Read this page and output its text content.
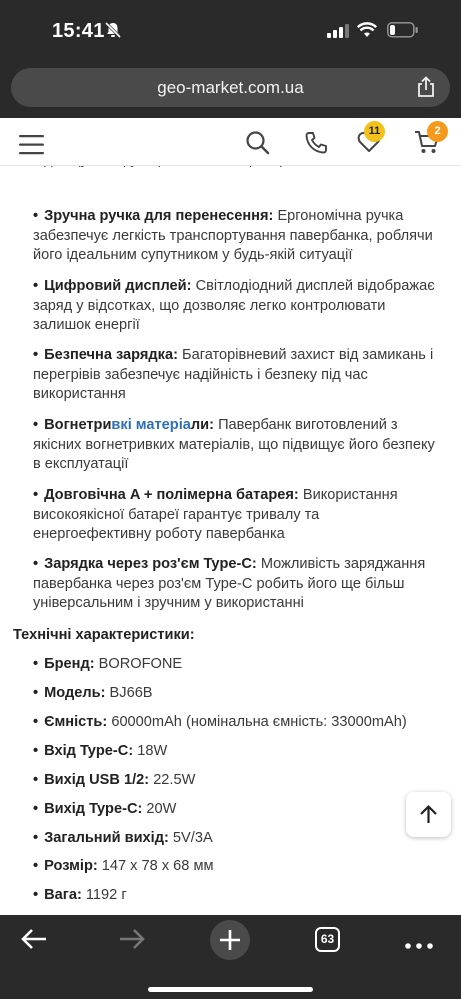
15:41
geo-market.com.ua
• Зручна ручка для перенесення: Ергономічна ручка забезпечує легкість транспортування павербанка, роблячи його ідеальним супутником у будь-якій ситуації
• Цифровий дисплей: Світлодіодний дисплей відображає заряд у відсотках, що дозволяє легко контролювати залишок енергії
• Безпечна зарядка: Багаторівневий захист від замикань і перегрівів забезпечує надійність і безпеку під час використання
• Вогнетривкі матеріали: Павербанк виготовлений з якісних вогнетривких матеріалів, що підвищує його безпеку в експлуатації
• Довговічна A + полімерна батарея: Використання високоякісної батареї гарантує тривалу та енергоефективну роботу павербанка
• Зарядка через роз'єм Type-C: Можливість заряджання павербанка через роз'єм Type-C робить його ще більш універсальним і зручним у використанні
Технічні характеристики:
• Бренд: BOROFONE
• Модель: BJ66B
• Ємність: 60000mAh (номінальна ємність: 33000mAh)
• Вхід Type-C: 18W
• Вихід USB 1/2: 22.5W
• Вихід Type-C: 20W
• Загальний вихід: 5V/3A
• Розмір: 147 x 78 x 68 мм
• Вага: 1192 г
11	2
63
